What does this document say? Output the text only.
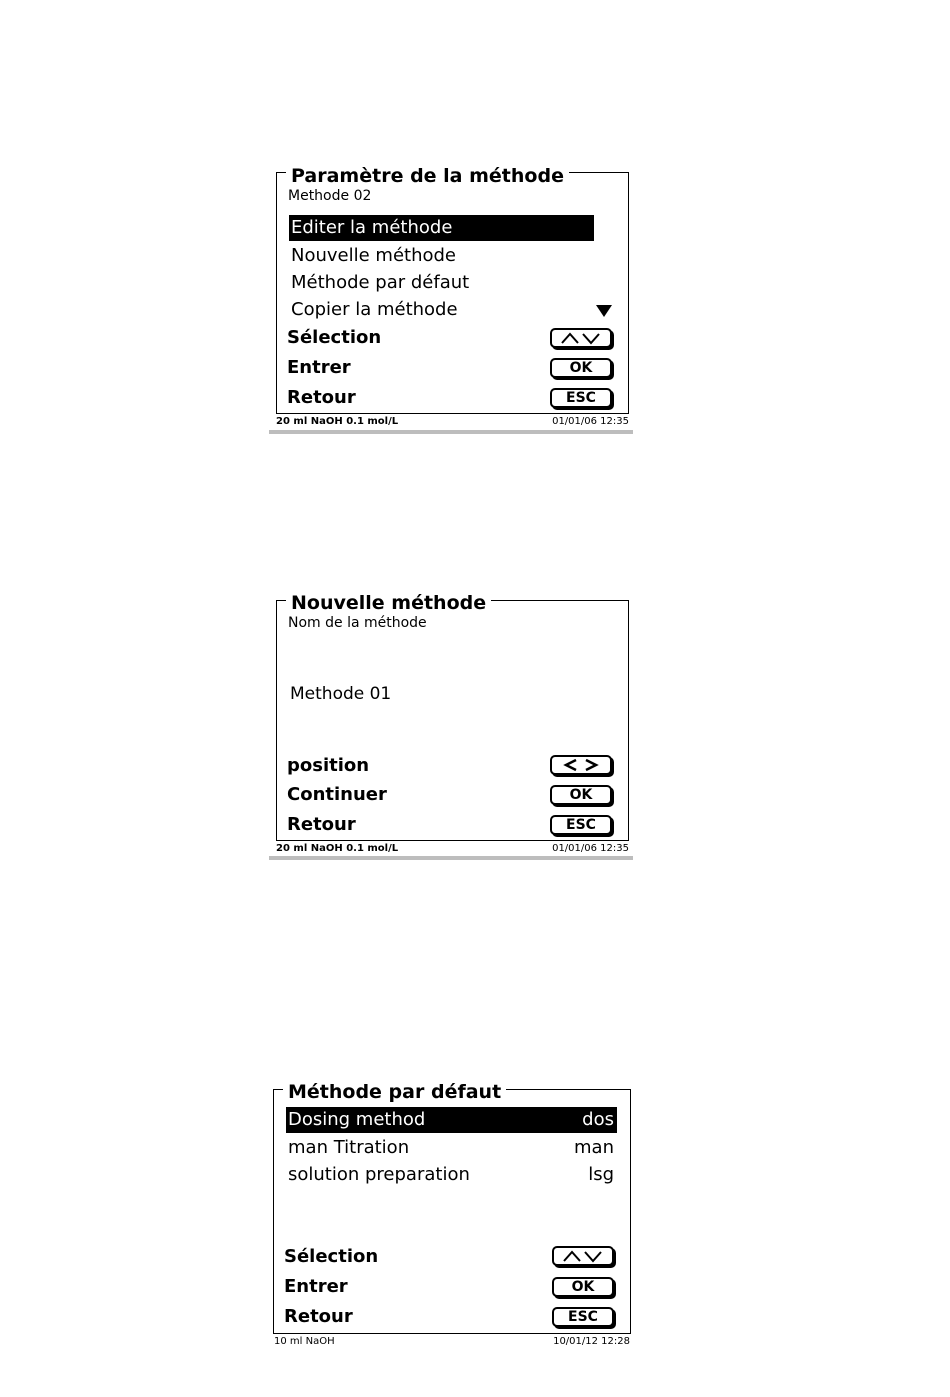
Paramètre de la méthode
Methode 02
Editer la méthode
Nouvelle méthode
Méthode par défaut
Copier la méthode
Sélection
Entrer	OK
Retour	ESC
20 ml NaOH 0.1 mol/L	01/01/06 12:35
Nouvelle méthode
Nom de la méthode
Methode 01
position
Continuer	OK
Retour	ESC
20 ml NaOH 0.1 mol/L	01/01/06 12:35
Méthode par défaut
Dosing method	dos
man Titration	man
solution preparation	lsg
Sélection
Entrer	OK
Retour	ESC
10 ml NaOH	10/01/12 12:28
